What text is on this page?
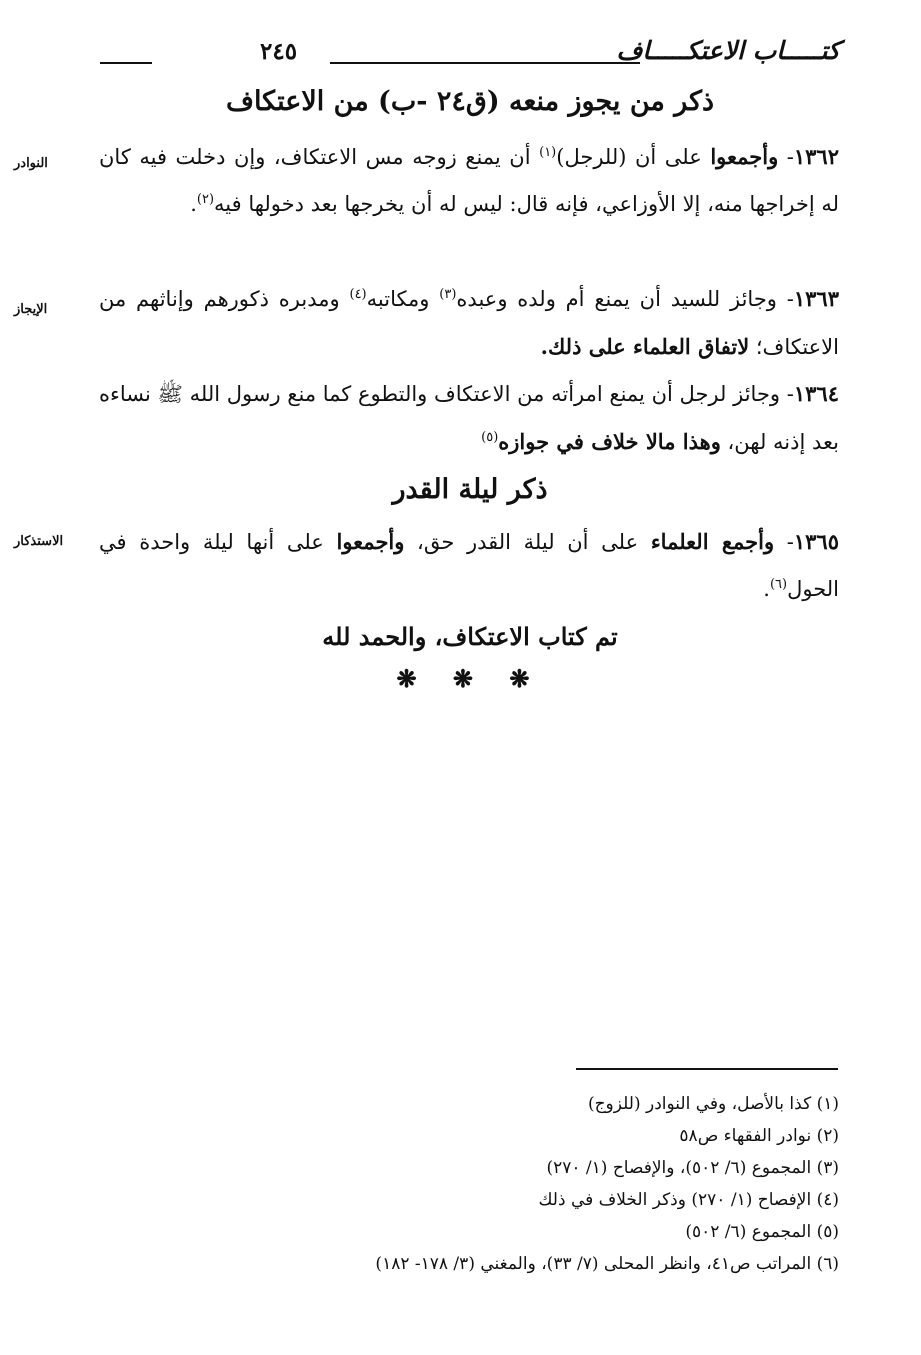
كتـــــاب الاعتكـــــاف
٢٤٥
ذكر من يجوز منعه (ق٢٤ -ب) من الاعتكاف
١٣٦٢- وأجمعوا على أن (للرجل)$^{(١)}$ أن يمنع زوجه مس الاعتكاف، وإن دخلت فيه كان له إخراجها منه، إلا الأوزاعي، فإنه قال: ليس له أن يخرجها بعد دخولها فيه$^{(٢)}$.
١٣٦٣- وجائز للسيد أن يمنع أم ولده وعبده$^{(٣)}$ ومكاتبه$^{(٤)}$ ومدبره ذكورهم وإناثهم من الاعتكاف؛ لاتفاق العلماء على ذلك.
١٣٦٤- وجائز لرجل أن يمنع امرأته من الاعتكاف والتطوع كما منع رسول الله ﷺ نساءه بعد إذنه لهن، وهذا مالا خلاف في جوازه$^{(٥)}$
ذكر ليلة القدر
١٣٦٥- وأجمع العلماء على أن ليلة القدر حق، وأجمعوا على أنها ليلة واحدة في الحول$^{(٦)}$.
النوادر
الإيجاز
الاستذكار
تم كتاب الاعتكاف، والحمد لله
❋ ❋ ❋
(١) كذا بالأصل، وفي النوادر (للزوج)
(٢) نوادر الفقهاء ص٥٨
(٣) المجموع (٦/ ٥٠٢)، والإفصاح (١/ ٢٧٠)
(٤) الإفصاح (١/ ٢٧٠) وذكر الخلاف في ذلك
(٥) المجموع (٦/ ٥٠٢)
(٦) المراتب ص٤١، وانظر المحلى (٧/ ٣٣)، والمغني (٣/ ١٧٨- ١٨٢)
